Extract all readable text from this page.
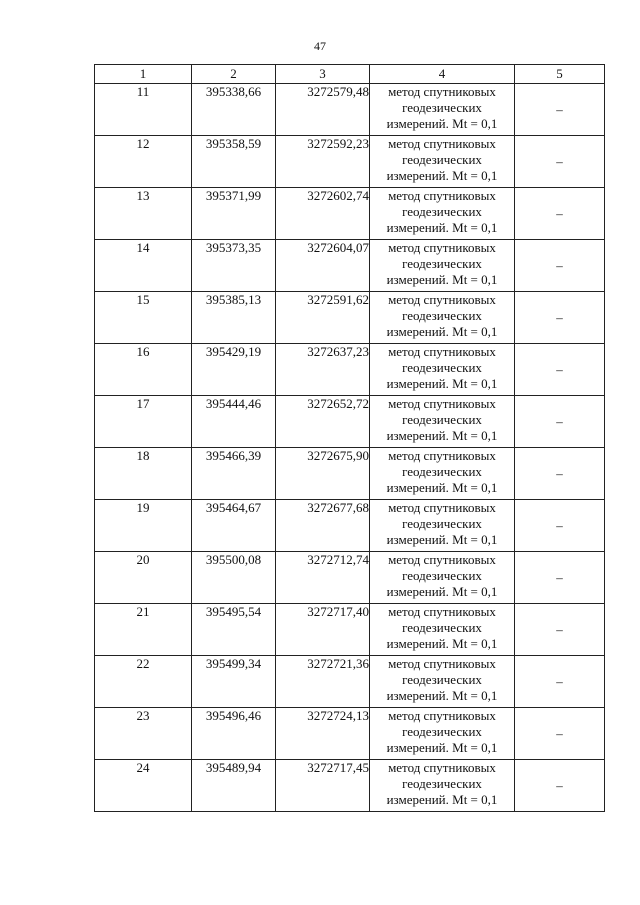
47
1	2	3	4	5
11	395338,66	3272579,48	метод спутниковых
геодезических
измерений. Mt = 0,1	–
12	395358,59	3272592,23	метод спутниковых
геодезических
измерений. Mt = 0,1	–
13	395371,99	3272602,74	метод спутниковых
геодезических
измерений. Mt = 0,1	–
14	395373,35	3272604,07	метод спутниковых
геодезических
измерений. Mt = 0,1	–
15	395385,13	3272591,62	метод спутниковых
геодезических
измерений. Mt = 0,1	–
16	395429,19	3272637,23	метод спутниковых
геодезических
измерений. Mt = 0,1	–
17	395444,46	3272652,72	метод спутниковых
геодезических
измерений. Mt = 0,1	–
18	395466,39	3272675,90	метод спутниковых
геодезических
измерений. Mt = 0,1	–
19	395464,67	3272677,68	метод спутниковых
геодезических
измерений. Mt = 0,1	–
20	395500,08	3272712,74	метод спутниковых
геодезических
измерений. Mt = 0,1	–
21	395495,54	3272717,40	метод спутниковых
геодезических
измерений. Mt = 0,1	–
22	395499,34	3272721,36	метод спутниковых
геодезических
измерений. Mt = 0,1	–
23	395496,46	3272724,13	метод спутниковых
геодезических
измерений. Mt = 0,1	–
24	395489,94	3272717,45	метод спутниковых
геодезических
измерений. Mt = 0,1	–
